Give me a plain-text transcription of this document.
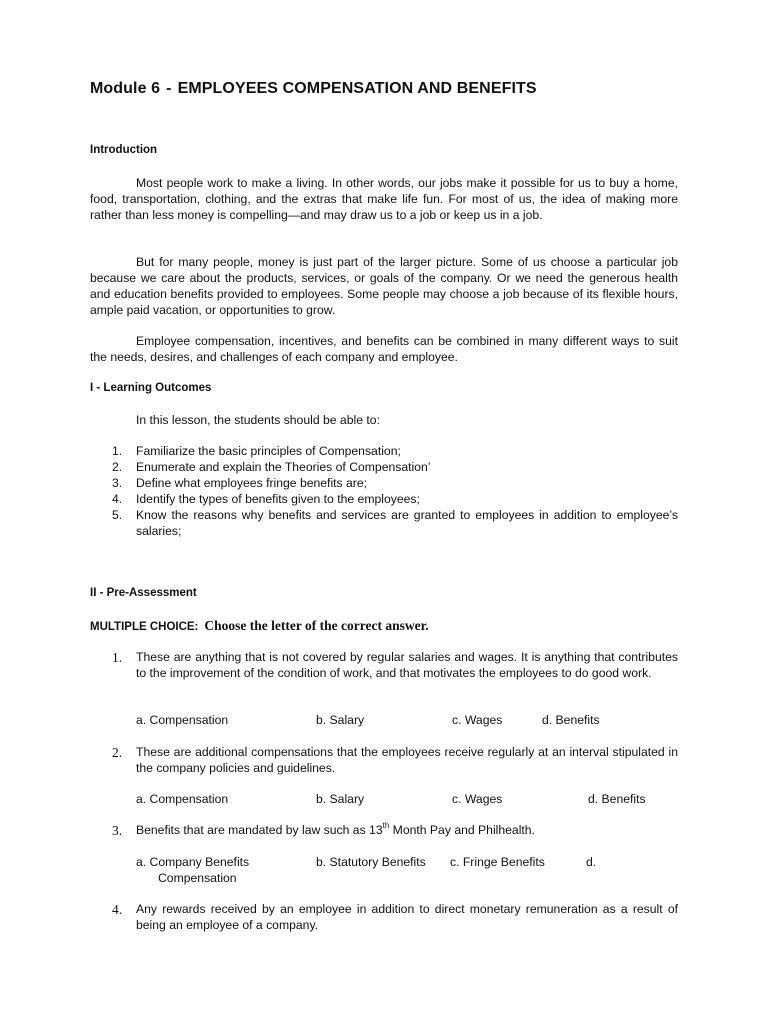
Module 6 - EMPLOYEES COMPENSATION AND BENEFITS
Introduction

Most people work to make a living. In other words, our jobs make it possible for us to buy a home, food, transportation, clothing, and the extras that make life fun. For most of us, the idea of making more rather than less money is compelling—and may draw us to a job or keep us in a job.

But for many people, money is just part of the larger picture. Some of us choose a particular job because we care about the products, services, or goals of the company. Or we need the generous health and education benefits provided to employees. Some people may choose a job because of its flexible hours, ample paid vacation, or opportunities to grow.

Employee compensation, incentives, and benefits can be combined in many different ways to suit the needs, desires, and challenges of each company and employee.

I - Learning Outcomes
In this lesson, the students should be able to:
1. Familiarize the basic principles of Compensation;
2. Enumerate and explain the Theories of Compensation’
3. Define what employees fringe benefits are;
4. Identify the types of benefits given to the employees;
5. Know the reasons why benefits and services are granted to employees in addition to employee’s salaries;
II - Pre-Assessment
MULTIPLE CHOICE: Choose the letter of the correct answer.
1. These are anything that is not covered by regular salaries and wages. It is anything that contributes to the improvement of the condition of work, and that motivates the employees to do good work.
a. Compensation	b. Salary	c. Wages	d. Benefits
2. These are additional compensations that the employees receive regularly at an interval stipulated in the company policies and guidelines.
a. Compensation	b. Salary	c. Wages	d. Benefits
3. Benefits that are mandated by law such as 13th Month Pay and Philhealth.
a. Company Benefits	b. Statutory Benefits c. Fringe Benefits	d.
Compensation
4. Any rewards received by an employee in addition to direct monetary remuneration as a result of being an employee of a company.
